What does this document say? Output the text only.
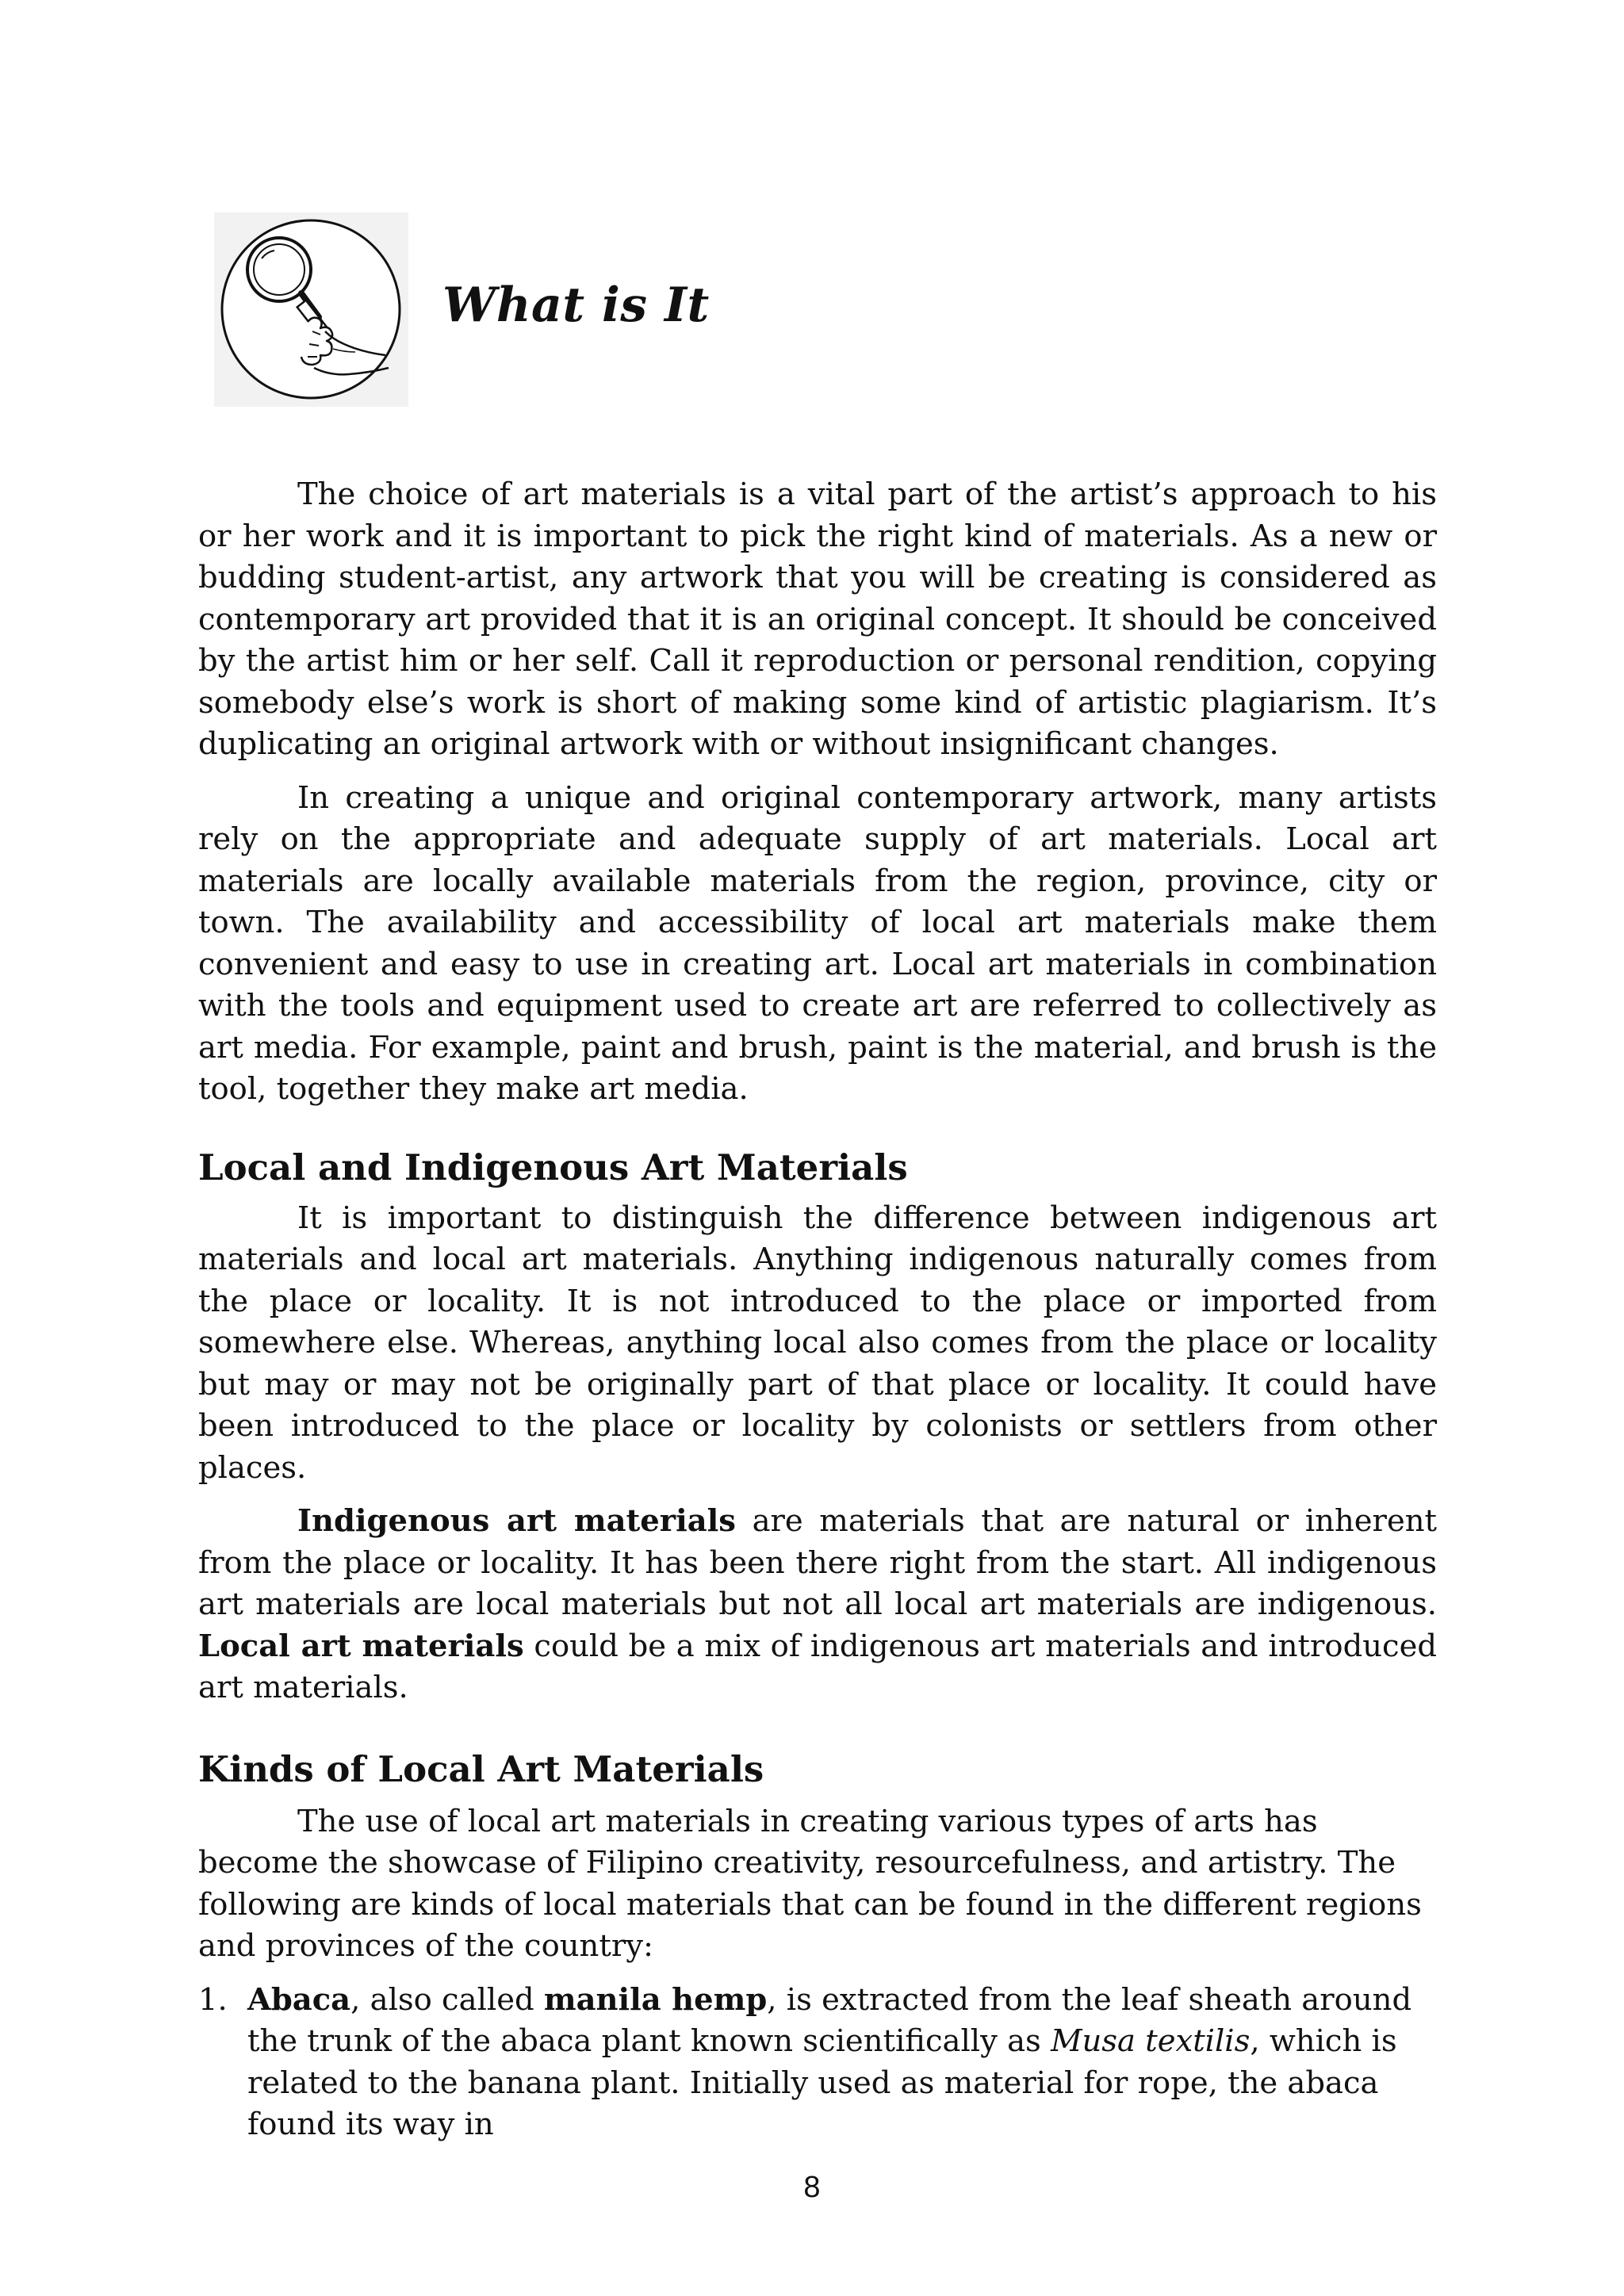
What is It

The choice of art materials is a vital part of the artist’s approach to his or her work and it is important to pick the right kind of materials. As a new or budding student-artist, any artwork that you will be creating is considered as contemporary art provided that it is an original concept. It should be conceived by the artist him or her self. Call it reproduction or personal rendition, copying somebody else’s work is short of making some kind of artistic plagiarism. It’s duplicating an original artwork with or without insignificant changes.

In creating a unique and original contemporary artwork, many artists rely on the appropriate and adequate supply of art materials. Local art materials are locally available materials from the region, province, city or town. The availability and accessibility of local art materials make them convenient and easy to use in creating art. Local art materials in combination with the tools and equipment used to create art are referred to collectively as art media. For example, paint and brush, paint is the material, and brush is the tool, together they make art media.

Local and Indigenous Art Materials

It is important to distinguish the difference between indigenous art materials and local art materials. Anything indigenous naturally comes from the place or locality. It is not introduced to the place or imported from somewhere else. Whereas, anything local also comes from the place or locality but may or may not be originally part of that place or locality. It could have been introduced to the place or locality by colonists or settlers from other places.

Indigenous art materials are materials that are natural or inherent from the place or locality. It has been there right from the start. All indigenous art materials are local materials but not all local art materials are indigenous. Local art materials could be a mix of indigenous art materials and introduced art materials.

Kinds of Local Art Materials

The use of local art materials in creating various types of arts has become the showcase of Filipino creativity, resourcefulness, and artistry. The following are kinds of local materials that can be found in the different regions and provinces of the country:

1. Abaca, also called manila hemp, is extracted from the leaf sheath around the trunk of the abaca plant known scientifically as Musa textilis, which is related to the banana plant. Initially used as material for rope, the abaca found its way in
8
